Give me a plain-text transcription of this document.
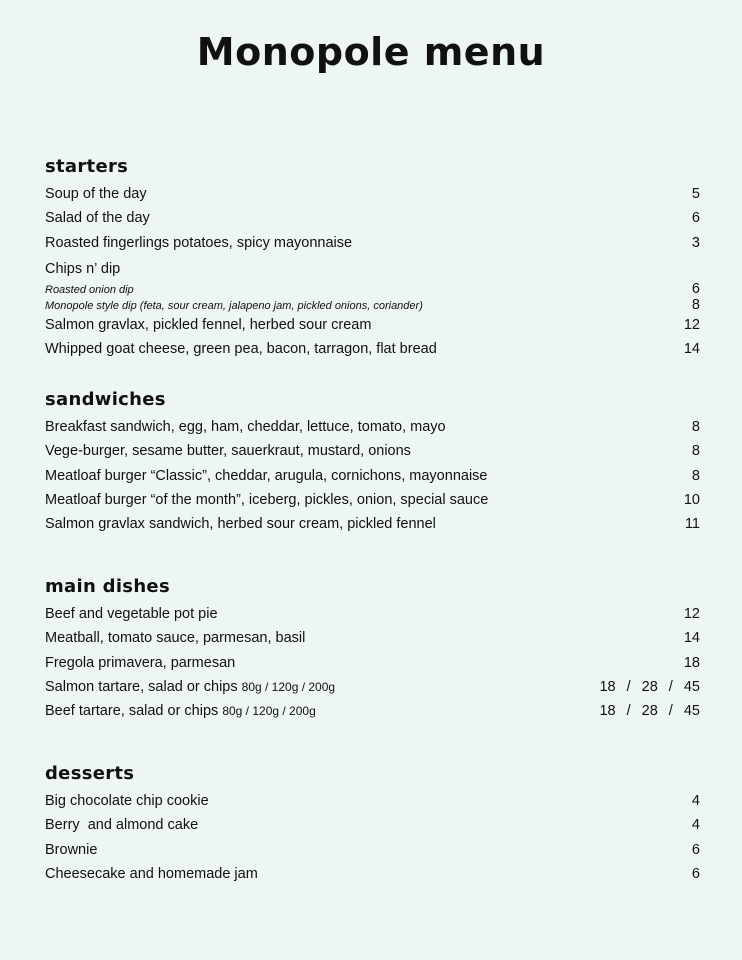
Monopole menu
starters
Soup of the day	5
Salad of the day	6
Roasted fingerlings potatoes, spicy mayonnaise	3
Chips n’ dip
Roasted onion dip	6
Monopole style dip (feta, sour cream, jalapeno jam, pickled onions, coriander)	8
Salmon gravlax, pickled fennel, herbed sour cream	12
Whipped goat cheese, green pea, bacon, tarragon, flat bread	14
sandwiches
Breakfast sandwich, egg, ham, cheddar, lettuce, tomato, mayo	8
Vege-burger, sesame butter, sauerkraut, mustard, onions	8
Meatloaf burger “Classic”, cheddar, arugula, cornichons, mayonnaise	8
Meatloaf burger “of the month”, iceberg, pickles, onion, special sauce	10
Salmon gravlax sandwich, herbed sour cream, pickled fennel	11
main dishes
Beef and vegetable pot pie	12
Meatball, tomato sauce, parmesan, basil	14
Fregola primavera, parmesan	18
Salmon tartare, salad or chips 80g / 120g / 200g	18 / 28 / 45
Beef tartare, salad or chips 80g / 120g / 200g	18 / 28 / 45
desserts
Big chocolate chip cookie	4
Berry  and almond cake	4
Brownie	6
Cheesecake and homemade jam	6
